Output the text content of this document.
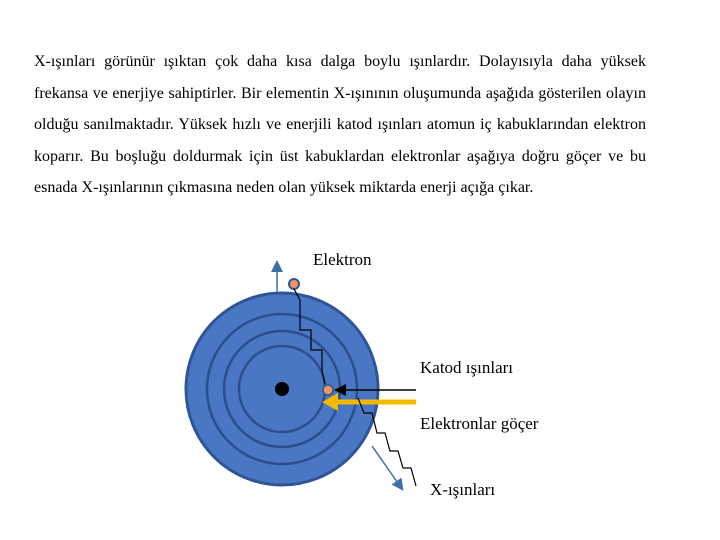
X-ışınları görünür ışıktan çok daha kısa dalga boylu ışınlardır. Dolayısıyla daha yüksek frekansa ve enerjiye sahiptirler. Bir elementin X-ışınının oluşumunda aşağıda gösterilen olayın olduğu sanılmaktadır. Yüksek hızlı ve enerjili katod ışınları atomun iç kabuklarından elektron koparır. Bu boşluğu doldurmak için üst kabuklardan elektronlar aşağıya doğru göçer ve bu esnada X-ışınlarının çıkmasına neden olan yüksek miktarda enerji açığa çıkar.

Elektron
Katod ışınları
Elektronlar göçer
X-ışınları
